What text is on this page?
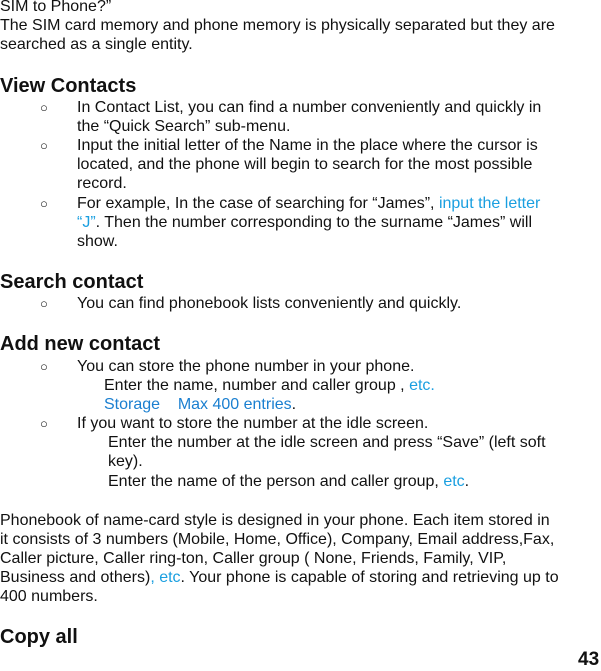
SIM to Phone?”
The SIM card memory and phone memory is physically separated but they are
searched as a single entity.
View Contacts
○ In Contact List, you can find a number conveniently and quickly in
the “Quick Search” sub-menu.
○ Input the initial letter of the Name in the place where the cursor is
located, and the phone will begin to search for the most possible
record.
○ For example, In the case of searching for “James”, input the letter
“J”. Then the number corresponding to the surname “James” will
show.
Search contact
○ You can find phonebook lists conveniently and quickly.
Add new contact
○ You can store the phone number in your phone.
Enter the name, number and caller group , etc.
Storage    Max 400 entries.
○ If you want to store the number at the idle screen.
Enter the number at the idle screen and press “Save” (left soft
key).
Enter the name of the person and caller group, etc.
Phonebook of name-card style is designed in your phone. Each item stored in
it consists of 3 numbers (Mobile, Home, Office), Company, Email address,Fax,
Caller picture, Caller ring-ton, Caller group ( None, Friends, Family, VIP,
Business and others), etc. Your phone is capable of storing and retrieving up to
400 numbers.
Copy all
43
